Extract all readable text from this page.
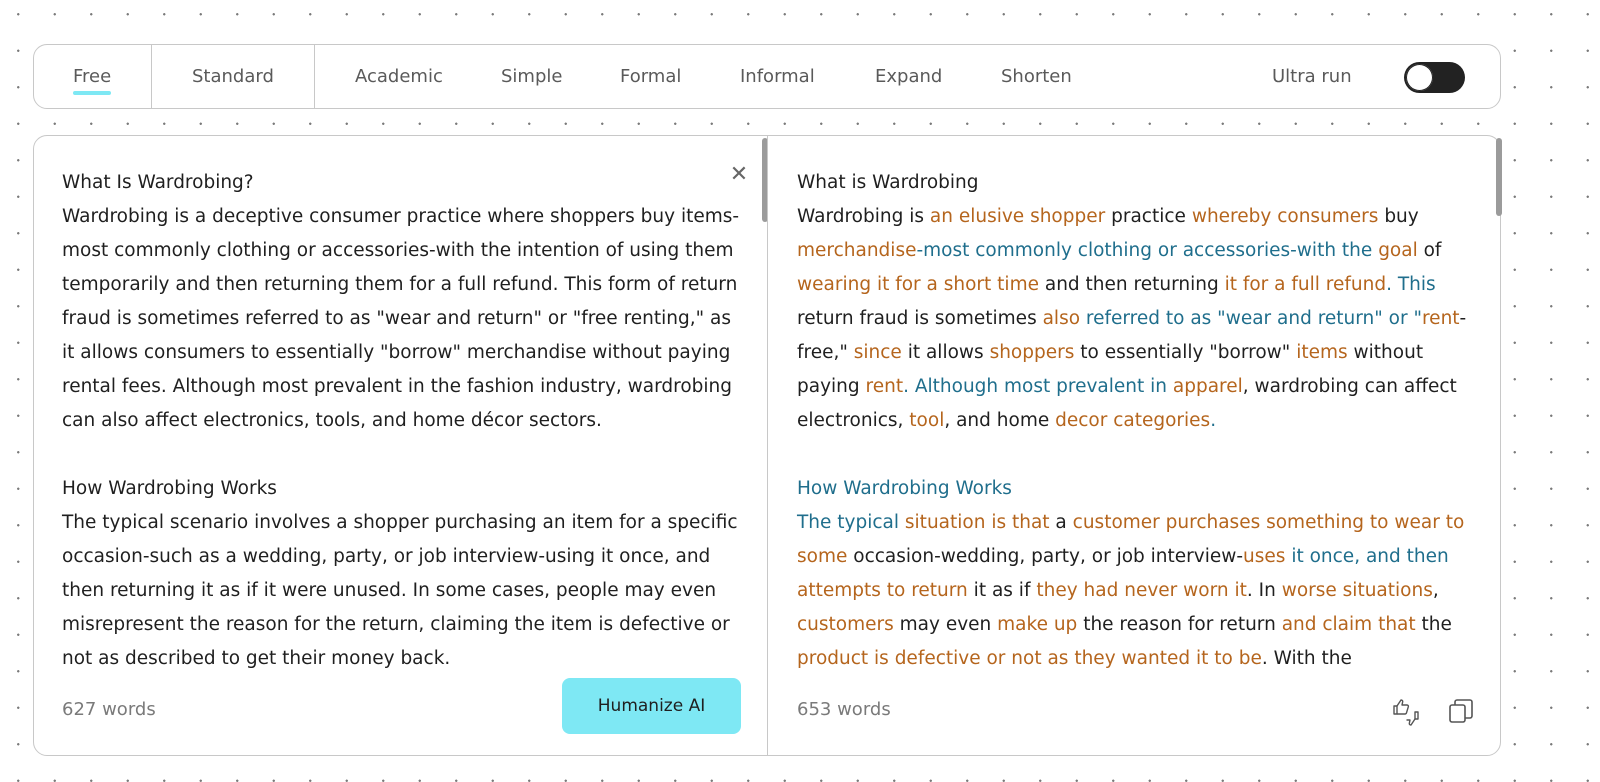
Free	Standard	Academic	Simple	Formal	Informal	Expand	Shorten	Ultra run

What Is Wardrobing?

Wardrobing is a deceptive consumer practice where shoppers buy items-most commonly clothing or accessories-with the intention of using them temporarily and then returning them for a full refund. This form of return fraud is sometimes referred to as "wear and return" or "free renting," as it allows consumers to essentially "borrow" merchandise without paying rental fees. Although most prevalent in the fashion industry, wardrobing can also affect electronics, tools, and home décor sectors.

How Wardrobing Works

The typical scenario involves a shopper purchasing an item for a specific occasion-such as a wedding, party, or job interview-using it once, and then returning it as if it were unused. In some cases, people may even misrepresent the reason for the return, claiming the item is defective or not as described to get their money back.

✕	What is Wardrobing

Wardrobing is an elusive shopper practice whereby consumers buy merchandise-most commonly clothing or accessories-with the goal of wearing it for a short time and then returning it for a full refund. This return fraud is sometimes also referred to as "wear and return" or "rent-free," since it allows shoppers to essentially "borrow" items without paying rent. Although most prevalent in apparel, wardrobing can affect electronics, tool, and home decor categories.

How Wardrobing Works

The typical situation is that a customer purchases something to wear to some occasion-wedding, party, or job interview-uses it once, and then attempts to return it as if they had never worn it. In worse situations, customers may even make up the reason for return and claim that the product is defective or not as they wanted it to be. With the

627 words	Humanize AI	653 words
